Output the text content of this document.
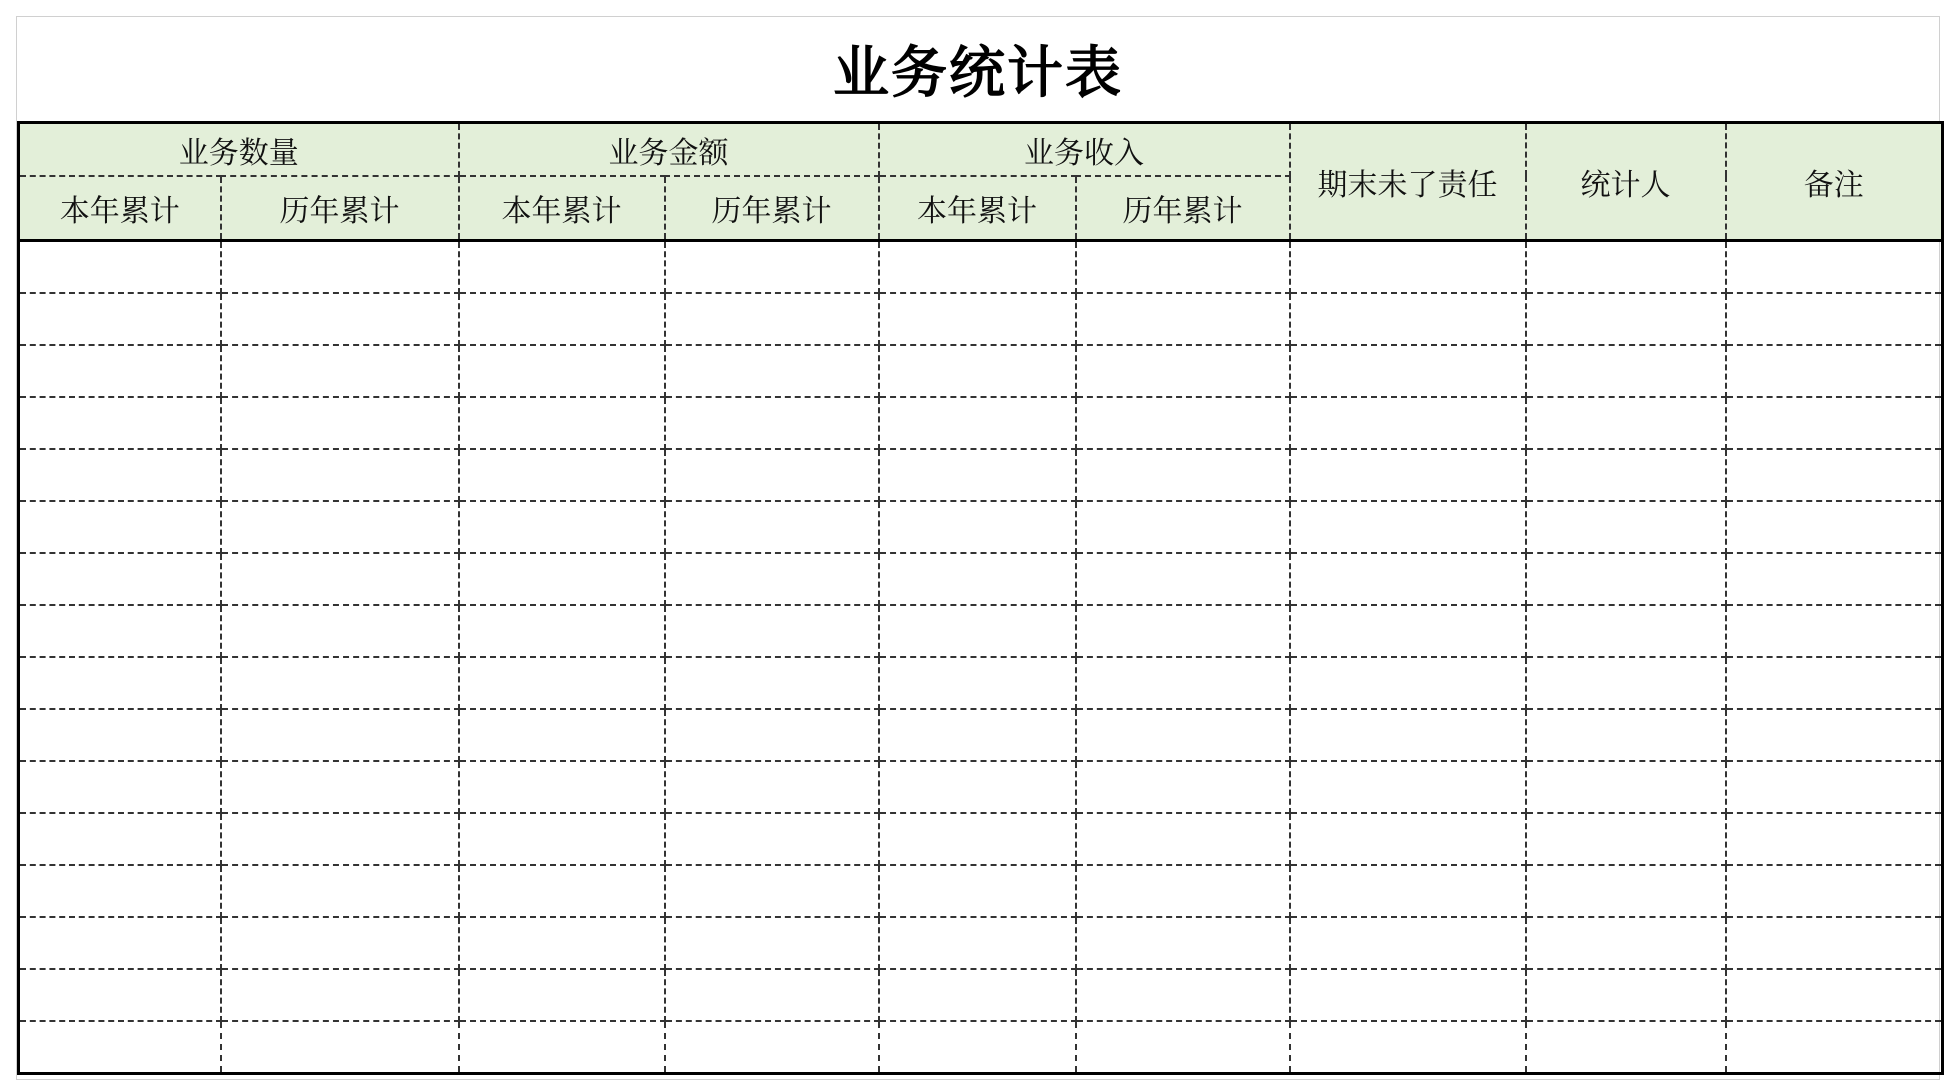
业务统计表
业务数量		业务金额		业务收入		期末未了责任	统计人	备注
本年累计	历年累计	本年累计	历年累计	本年累计	历年累计			
